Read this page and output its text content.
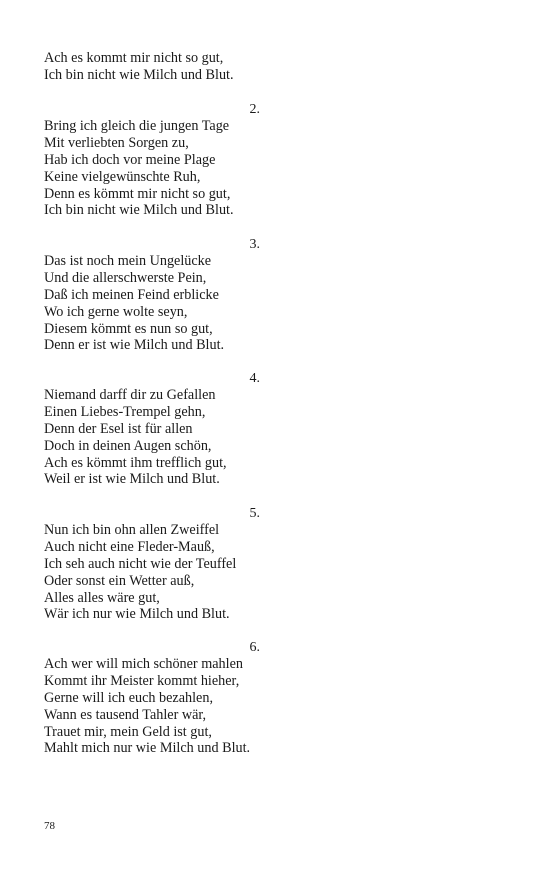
Ach es kommt mir nicht so gut,
Ich bin nicht wie Milch und Blut.
2.
Bring ich gleich die jungen Tage
Mit verliebten Sorgen zu,
Hab ich doch vor meine Plage
Keine vielgewünschte Ruh,
Denn es kömmt mir nicht so gut,
Ich bin nicht wie Milch und Blut.
3.
Das ist noch mein Ungelücke
Und die allerschwerste Pein,
Daß ich meinen Feind erblicke
Wo ich gerne wolte seyn,
Diesem kömmt es nun so gut,
Denn er ist wie Milch und Blut.
4.
Niemand darff dir zu Gefallen
Einen Liebes-Trempel gehn,
Denn der Esel ist für allen
Doch in deinen Augen schön,
Ach es kömmt ihm trefflich gut,
Weil er ist wie Milch und Blut.
5.
Nun ich bin ohn allen Zweiffel
Auch nicht eine Fleder-Mauß,
Ich seh auch nicht wie der Teuffel
Oder sonst ein Wetter auß,
Alles alles wäre gut,
Wär ich nur wie Milch und Blut.
6.
Ach wer will mich schöner mahlen
Kommt ihr Meister kommt hieher,
Gerne will ich euch bezahlen,
Wann es tausend Tahler wär,
Trauet mir, mein Geld ist gut,
Mahlt mich nur wie Milch und Blut.
78
